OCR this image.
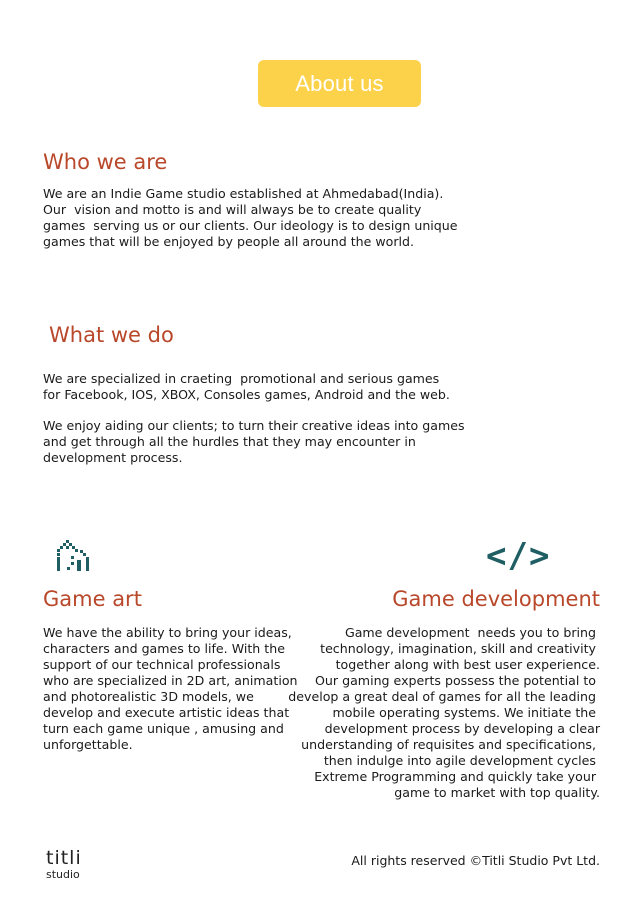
About us
Who we are

We are an Indie Game studio established at Ahmedabad(India).
Our  vision and motto is and will always be to create quality
games  serving us or our clients. Our ideology is to design unique
games that will be enjoyed by people all around the world.

What we do

We are specialized in craeting  promotional and serious games
for Facebook, IOS, XBOX, Consoles games, Android and the web.

We enjoy aiding our clients; to turn their creative ideas into games
and get through all the hurdles that they may encounter in
development process.

</>
Game art

We have the ability to bring your ideas,
characters and games to life. With the
support of our technical professionals
who are specialized in 2D art, animation
and photorealistic 3D models, we
develop and execute artistic ideas that
turn each game unique , amusing and
unforgettable.

Game development

Game development  needs you to bring
technology, imagination, skill and creativity
together along with best user experience.
Our gaming experts possess the potential to
develop a great deal of games for all the leading
mobile operating systems. We initiate the
development process by developing a clear
understanding of requisites and specifications,
then indulge into agile development cycles
Extreme Programming and quickly take your
game to market with top quality.

titli
studio
All rights reserved ©Titli Studio Pvt Ltd.
